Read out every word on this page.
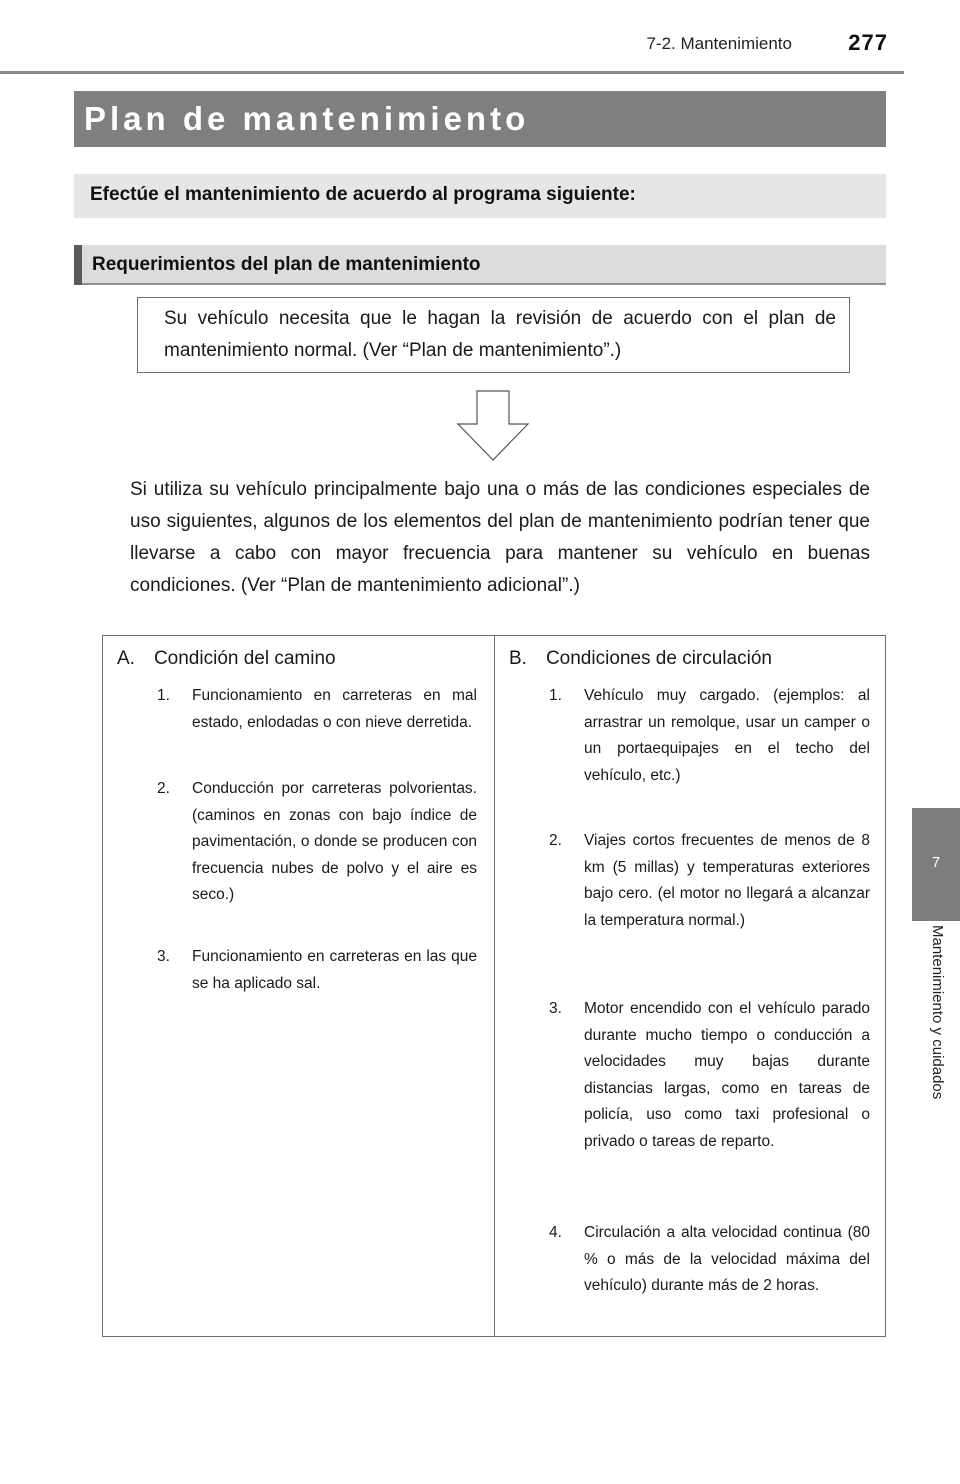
7-2. Mantenimiento	277
7
Mantenimiento y cuidados
Plan de mantenimiento
Efectúe el mantenimiento de acuerdo al programa siguiente:
Requerimientos del plan de mantenimiento
Su vehículo necesita que le hagan la revisión de acuerdo con el plan de mantenimiento normal. (Ver “Plan de mantenimiento”.)
Si utiliza su vehículo principalmente bajo una o más de las condiciones especiales de uso siguientes, algunos de los elementos del plan de mantenimiento podrían tener que llevarse a cabo con mayor frecuencia para mantener su vehículo en buenas condiciones. (Ver “Plan de mantenimiento adicional”.)
A. Condición del camino
1. Funcionamiento en carreteras en mal estado, enlodadas o con nieve derretida.
2. Conducción por carreteras polvorientas. (caminos en zonas con bajo índice de pavimentación, o donde se producen con frecuencia nubes de polvo y el aire es seco.)
3. Funcionamiento en carreteras en las que se ha aplicado sal.
B. Condiciones de circulación
1. Vehículo muy cargado. (ejemplos: al arrastrar un remolque, usar un camper o un portaequipajes en el techo del vehículo, etc.)
2. Viajes cortos frecuentes de menos de 8 km (5 millas) y temperaturas exteriores bajo cero. (el motor no llegará a alcanzar la temperatura normal.)
3. Motor encendido con el vehículo parado durante mucho tiempo o conducción a velocidades muy bajas durante distancias largas, como en tareas de policía, uso como taxi profesional o privado o tareas de reparto.
4. Circulación a alta velocidad continua (80 % o más de la velocidad máxima del vehículo) durante más de 2 horas.
